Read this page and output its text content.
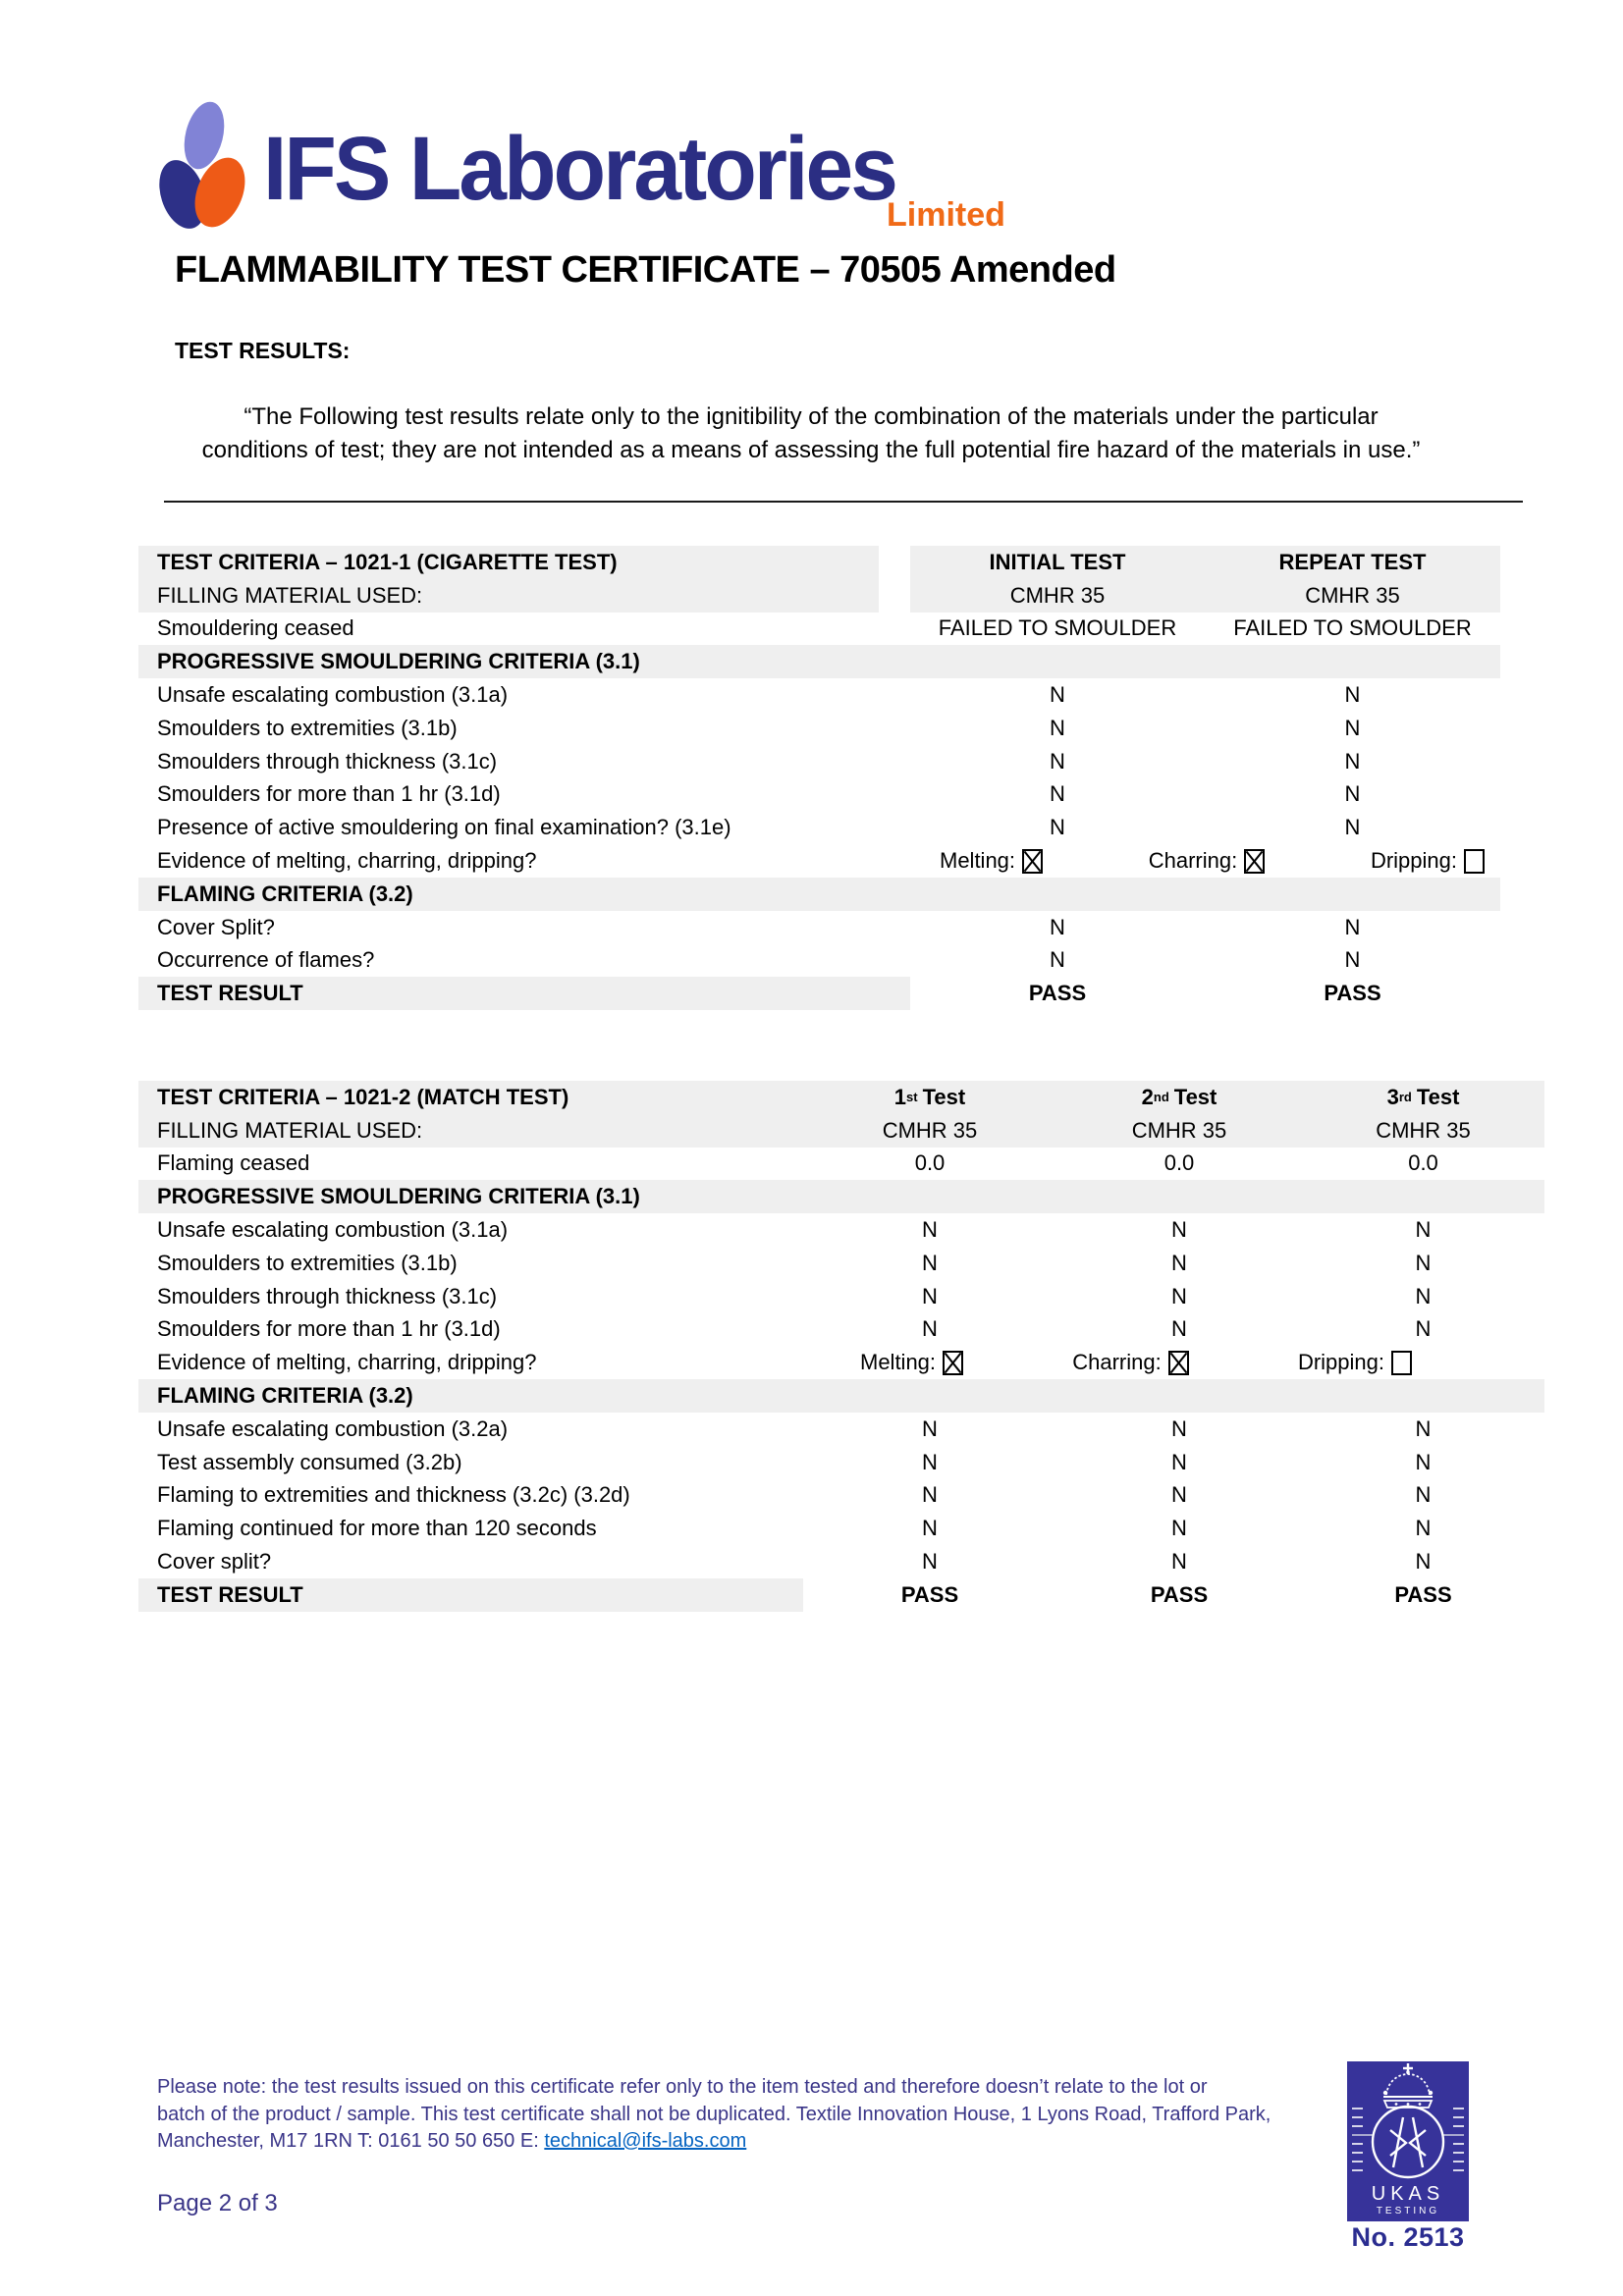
IFS Laboratories
Limited
FLAMMABILITY TEST CERTIFICATE – 70505 Amended
TEST RESULTS:
“The Following test results relate only to the ignitibility of the combination of the materials under the particular
conditions of test; they are not intended as a means of assessing the full potential fire hazard of the materials in use.”
TEST CRITERIA – 1021-1 (CIGARETTE TEST)	INITIAL TEST	REPEAT TEST
FILLING MATERIAL USED:	CMHR 35	CMHR 35
Smouldering ceased	FAILED TO SMOULDER	FAILED TO SMOULDER
PROGRESSIVE SMOULDERING CRITERIA (3.1)
Unsafe escalating combustion (3.1a)	N	N
Smoulders to extremities (3.1b)	N	N
Smoulders through thickness (3.1c)	N	N
Smoulders for more than 1 hr (3.1d)	N	N
Presence of active smouldering on final examination? (3.1e)	N	N
Evidence of melting, charring, dripping?	Melting:	Charring:	Dripping:
FLAMING CRITERIA (3.2)
Cover Split?	N	N
Occurrence of flames?	N	N
TEST RESULT	PASS	PASS
TEST CRITERIA – 1021-2 (MATCH TEST)	1 st Test	2 nd Test	3 rd Test
FILLING MATERIAL USED:	CMHR 35	CMHR 35	CMHR 35
Flaming ceased	0.0	0.0	0.0
PROGRESSIVE SMOULDERING CRITERIA (3.1)
Unsafe escalating combustion (3.1a)	N	N	N
Smoulders to extremities (3.1b)	N	N	N
Smoulders through thickness (3.1c)	N	N	N
Smoulders for more than 1 hr (3.1d)	N	N	N
Evidence of melting, charring, dripping?	Melting:	Charring:	Dripping:
FLAMING CRITERIA (3.2)
Unsafe escalating combustion (3.2a)	N	N	N
Test assembly consumed (3.2b)	N	N	N
Flaming to extremities and thickness (3.2c) (3.2d)	N	N	N
Flaming continued for more than 120 seconds	N	N	N
Cover split?	N	N	N
TEST RESULT	PASS	PASS	PASS
Please note: the test results issued on this certificate refer only to the item tested and therefore doesn’t relate to the lot or
batch of the product / sample. This test certificate shall not be duplicated. Textile Innovation House, 1 Lyons Road, Trafford Park,
Manchester, M17 1RN T: 0161 50 50 650 E: technical@ifs-labs.com
Page 2 of 3	UKAS
TESTING
No. 2513
